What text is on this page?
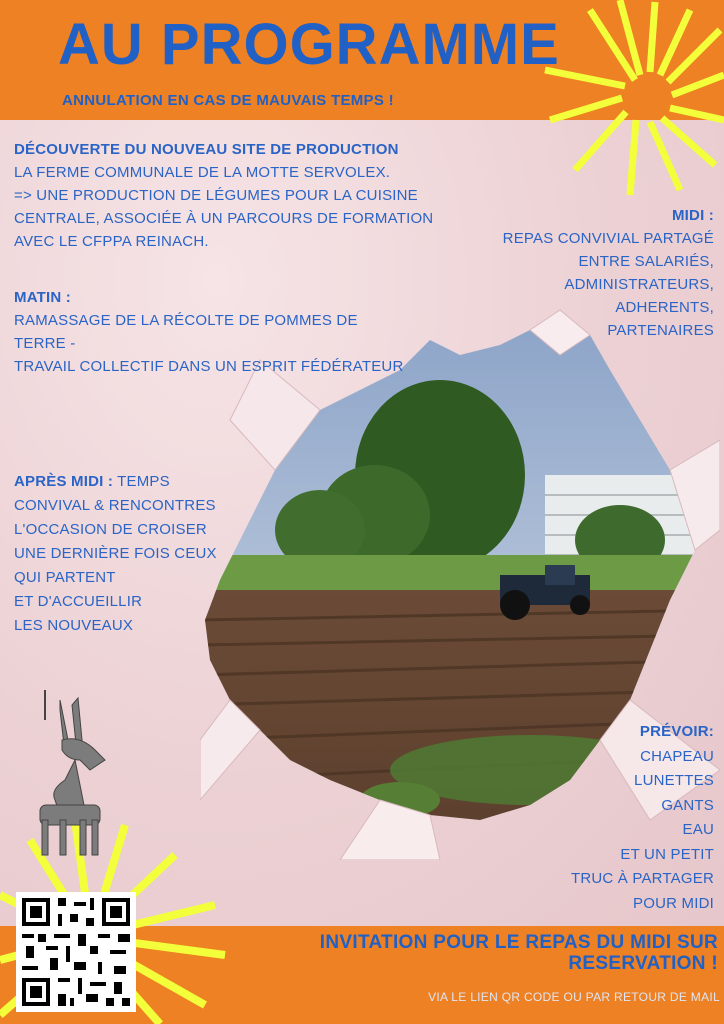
AU PROGRAMME
ANNULATION EN CAS DE MAUVAIS TEMPS !
DÉCOUVERTE DU NOUVEAU SITE DE PRODUCTION
LA FERME COMMUNALE DE LA MOTTE SERVOLEX.
=> UNE PRODUCTION DE LÉGUMES POUR LA CUISINE
CENTRALE, ASSOCIÉE À UN PARCOURS DE FORMATION
AVEC LE CFPPA REINACH.
MATIN :
RAMASSAGE DE LA RÉCOLTE DE POMMES DE
TERRE -
TRAVAIL COLLECTIF DANS UN ESPRIT FÉDÉRATEUR
MIDI :
REPAS CONVIVIAL PARTAGÉ
ENTRE SALARIÉS,
ADMINISTRATEURS,
ADHERENTS,
PARTENAIRES
APRÈS MIDI : TEMPS
CONVIVAL & RENCONTRES
L'OCCASION DE CROISER
UNE DERNIÈRE FOIS CEUX
QUI PARTENT
ET D'ACCUEILLIR
LES NOUVEAUX
PRÉVOIR:
CHAPEAU
LUNETTES
GANTS
EAU
ET UN PETIT
TRUC À PARTAGER
POUR MIDI
INVITATION POUR LE REPAS DU MIDI SUR
RESERVATION !
VIA LE LIEN QR CODE OU PAR RETOUR DE MAIL
